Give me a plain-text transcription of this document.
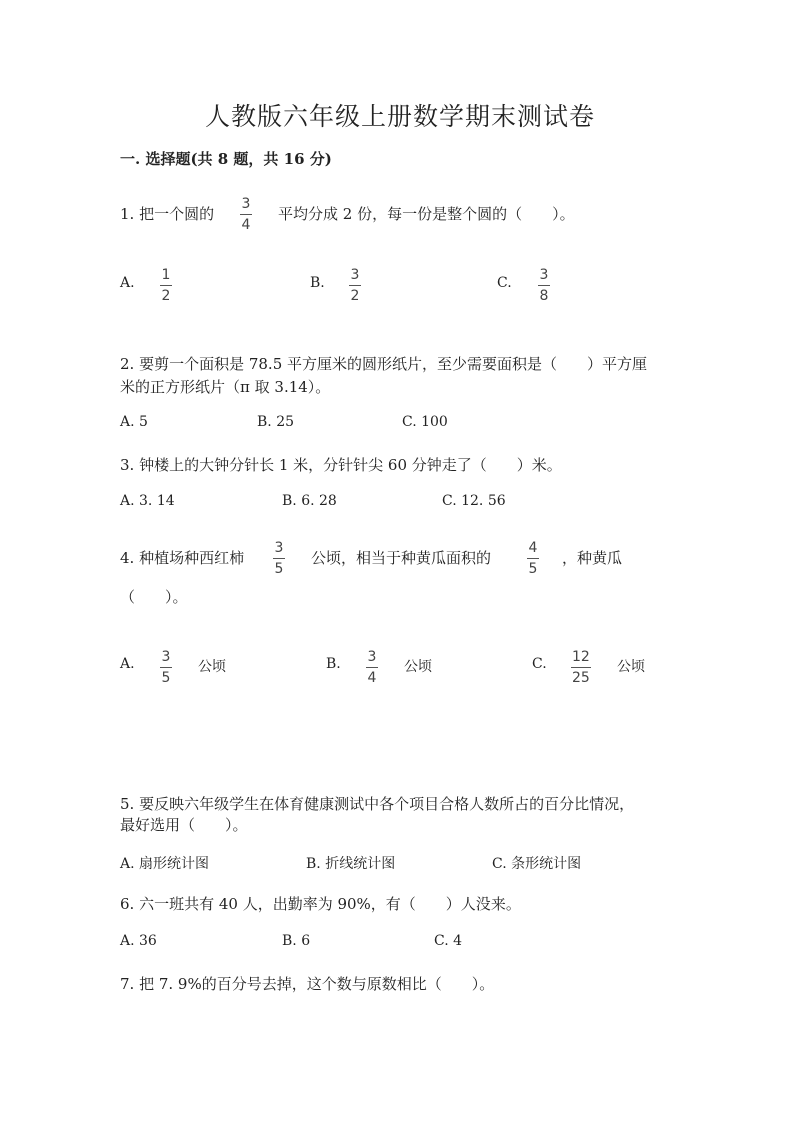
人教版六年级上册数学期末测试卷
一. 选择题(共 8 题，共 16 分)
1. 把一个圆的
3
4
平均分成 2 份，每一份是整个圆的（　　）。
A. 1
2
B. 3
2
C. 3
8
2. 要剪一个面积是 78.5 平方厘米的圆形纸片，至少需要面积是（　　）平方厘
米的正方形纸片（π 取 3.14）。
A. 5	B. 25	C. 100
3. 钟楼上的大钟分针长 1 米，分针针尖 60 分钟走了（　　）米。
A. 3. 14	B. 6. 28	C. 12. 56
4. 种植场种西红柿
3
5
公顷，相当于种黄瓜面积的
4
5
，种黄瓜
（　　）。
A. 3
5
公顷	B. 3
4
公顷	C. 12
25
公顷
5. 要反映六年级学生在体育健康测试中各个项目合格人数所占的百分比情况，
最好选用（　　）。
A. 扇形统计图	B. 折线统计图	C. 条形统计图
6. 六一班共有 40 人，出勤率为 90%，有（　　）人没来。
A. 36	B. 6	C. 4
7. 把 7. 9%的百分号去掉，这个数与原数相比（　　）。
